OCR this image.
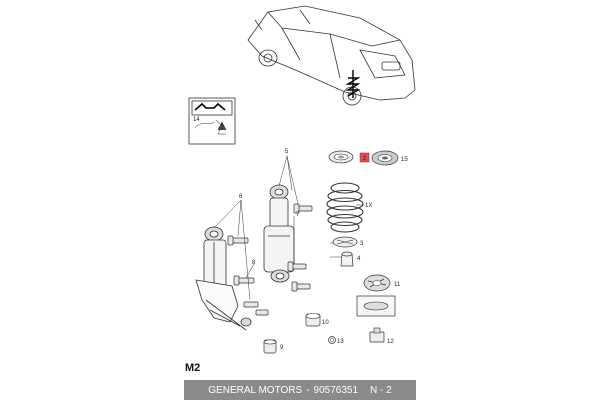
14
5
6
7
8
2	15
1X
3
4
11
10
13	12
9
M2
GENERAL MOTORS - 90576351 N - 2
